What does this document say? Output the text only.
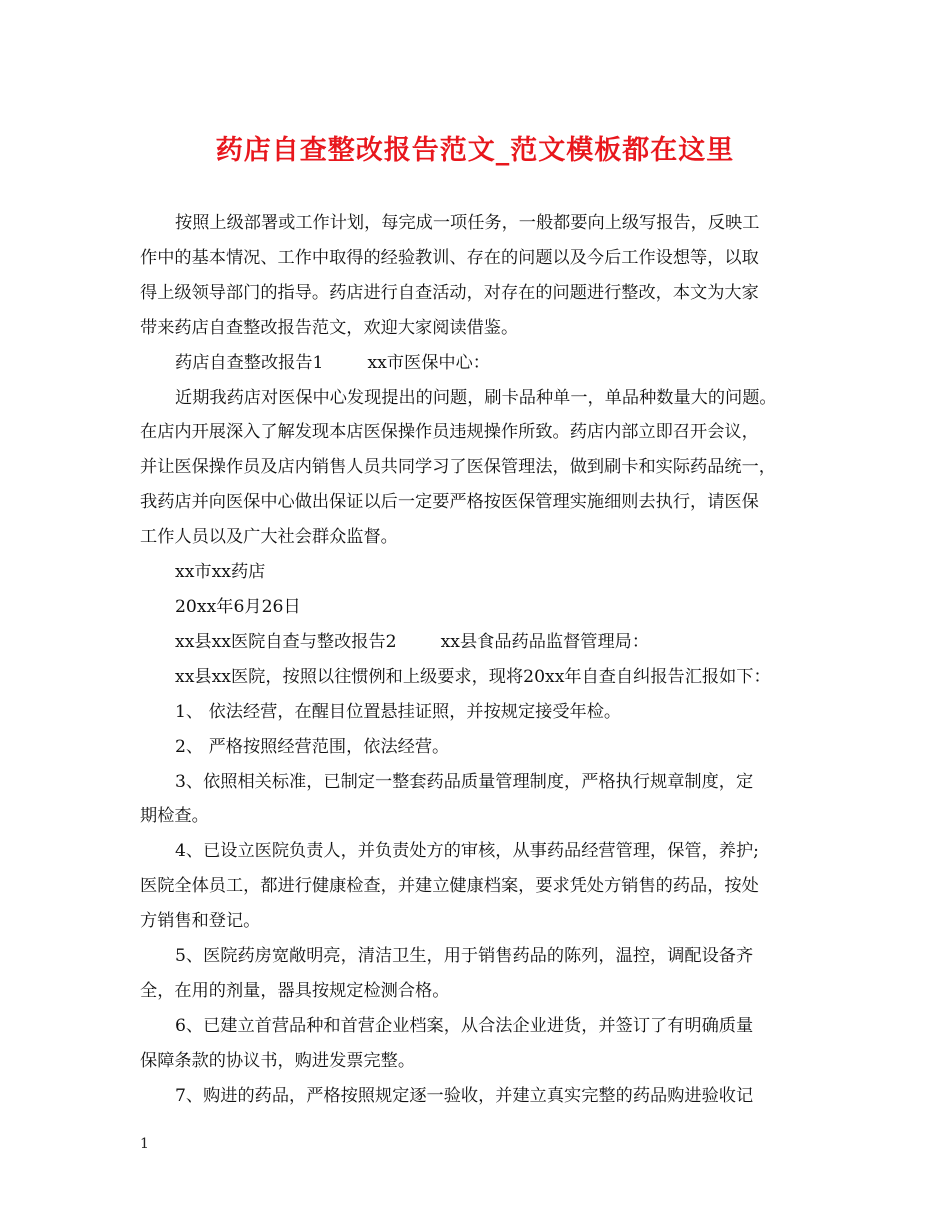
药店自查整改报告范文_范文模板都在这里

按照上级部署或工作计划，每完成一项任务，一般都要向上级写报告，反映工

作中的基本情况、工作中取得的经验教训、存在的问题以及今后工作设想等，以取

得上级领导部门的指导。药店进行自查活动，对存在的问题进行整改，本文为大家

带来药店自查整改报告范文，欢迎大家阅读借鉴。

药店自查整改报告1	xx市医保中心：

近期我药店对医保中心发现提出的问题，刷卡品种单一，单品种数量大的问题。

在店内开展深入了解发现本店医保操作员违规操作所致。药店内部立即召开会议，

并让医保操作员及店内销售人员共同学习了医保管理法，做到刷卡和实际药品统一，

我药店并向医保中心做出保证以后一定要严格按医保管理实施细则去执行，请医保

工作人员以及广大社会群众监督。

xx市xx药店

20xx年6月26日

xx县xx医院自查与整改报告2	xx县食品药品监督管理局：

xx县xx医院，按照以往惯例和上级要求，现将20xx年自查自纠报告汇报如下：

1、 依法经营，在醒目位置悬挂证照，并按规定接受年检。

2、 严格按照经营范围，依法经营。

3、依照相关标准，已制定一整套药品质量管理制度，严格执行规章制度，定

期检查。

4、已设立医院负责人，并负责处方的审核，从事药品经营管理，保管，养护;

医院全体员工，都进行健康检查，并建立健康档案，要求凭处方销售的药品，按处

方销售和登记。

5、医院药房宽敞明亮，清洁卫生，用于销售药品的陈列，温控，调配设备齐

全，在用的剂量，器具按规定检测合格。

6、已建立首营品种和首营企业档案，从合法企业进货，并签订了有明确质量

保障条款的协议书，购进发票完整。

7、购进的药品，严格按照规定逐一验收，并建立真实完整的药品购进验收记

1
